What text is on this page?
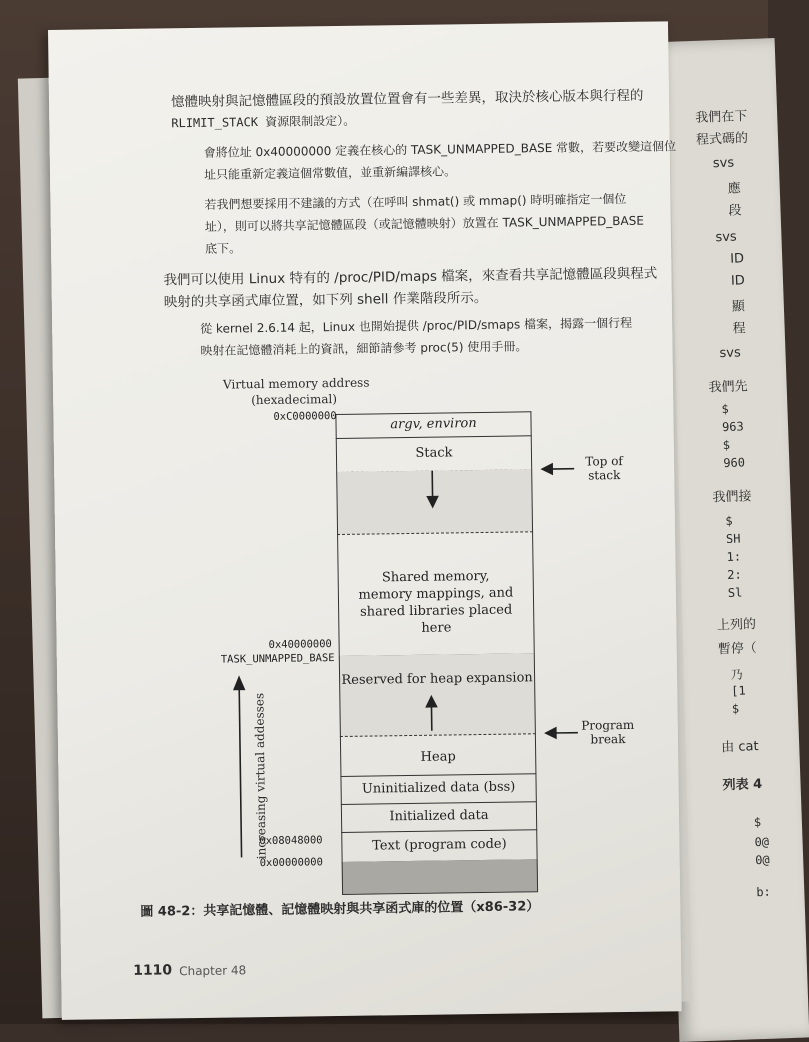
我們在下
程式碼的
svs
應
段
svs
ID
ID
顯
程
svs
我們先
$
963
$
960
我們接
$
SH
1:
2:
Sl
上列的
暫停（
乃
[1
$
由 cat
列表 4
$
0@
0@
b:
憶體映射與記憶體區段的預設放置位置會有一些差異，取決於核心版本與行程的
RLIMIT_STACK 資源限制設定）。
會將位址 0x40000000 定義在核心的 TASK_UNMAPPED_BASE 常數，若要改變這個位
址只能重新定義這個常數值，並重新編譯核心。
若我們想要採用不建議的方式（在呼叫 shmat() 或 mmap() 時明確指定一個位
址），則可以將共享記憶體區段（或記憶體映射）放置在 TASK_UNMAPPED_BASE
底下。
我們可以使用 Linux 特有的 /proc/PID/maps 檔案，來查看共享記憶體區段與程式
映射的共享函式庫位置，如下列 shell 作業階段所示。
從 kernel 2.6.14 起，Linux 也開始提供 /proc/PID/smaps 檔案，揭露一個行程
映射在記憶體消耗上的資訊，細節請參考 proc(5) 使用手冊。
Virtual memory address
(hexadecimal)
argv, environ
Stack
Shared memory, memory mappings, and shared libraries placed here
Reserved for heap expansion
Heap
Uninitialized data (bss)
Initialized data
Text (program code)
0xC0000000
0x40000000
TASK_UNMAPPED_BASE
0x08048000
0x00000000
Top of stack
Program break
increasing virtual addesses
圖 48-2：共享記憶體、記憶體映射與共享函式庫的位置（x86-32）
1110 Chapter 48
